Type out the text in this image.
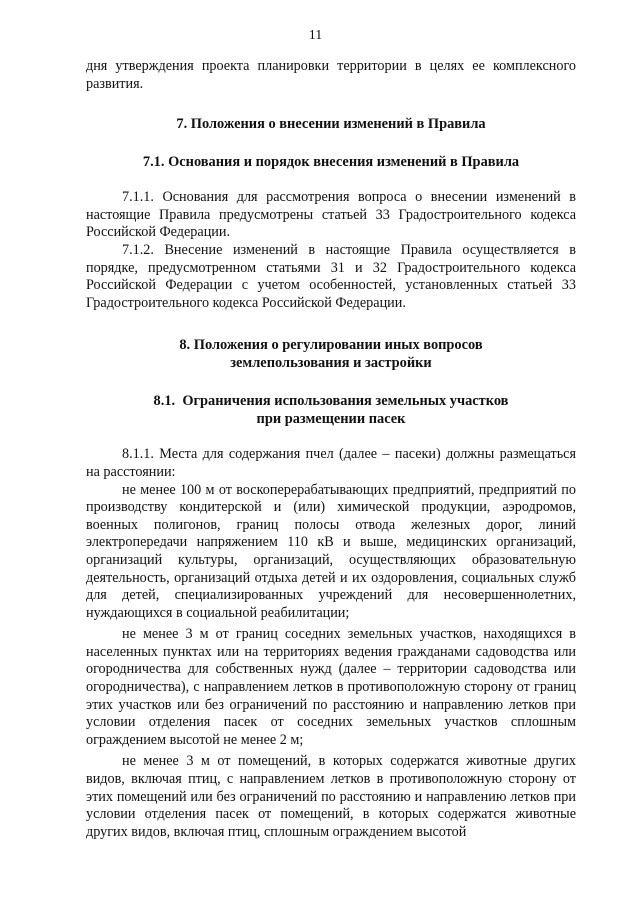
11

дня утверждения проекта планировки территории в целях ее комплексного развития.

7. Положения о внесении изменений в Правила
7.1. Основания и порядок внесения изменений в Правила

7.1.1. Основания для рассмотрения вопроса о внесении изменений в настоящие Правила предусмотрены статьей 33 Градостроительного кодекса Российской Федерации.

7.1.2. Внесение изменений в настоящие Правила осуществляется в порядке, предусмотренном статьями 31 и 32 Градостроительного кодекса Российской Федерации с учетом особенностей, установленных статьей 33 Градостроительного кодекса Российской Федерации.

8. Положения о регулировании иных вопросов
землепользования и застройки
8.1.  Ограничения использования земельных участков
при размещении пасек

8.1.1. Места для содержания пчел (далее – пасеки) должны размещаться на расстоянии:

не менее 100 м от воскоперерабатывающих предприятий, предприятий по производству кондитерской и (или) химической продукции, аэродромов, военных полигонов, границ полосы отвода железных дорог, линий электропередачи напряжением 110 кВ и выше, медицинских организаций, организаций культуры, организаций, осуществляющих образовательную деятельность, организаций отдыха детей и их оздоровления, социальных служб для детей, специализированных учреждений для несовершеннолетних, нуждающихся в социальной реабилитации;

не менее 3 м от границ соседних земельных участков, находящихся в населенных пунктах или на территориях ведения гражданами садоводства или огородничества для собственных нужд (далее – территории садоводства или огородничества), с направлением летков в противоположную сторону от границ этих участков или без ограничений по расстоянию и направлению летков при условии отделения пасек от соседних земельных участков сплошным ограждением высотой не менее 2 м;

не менее 3 м от помещений, в которых содержатся животные других видов, включая птиц, с направлением летков в противоположную сторону от этих помещений или без ограничений по расстоянию и направлению летков при условии отделения пасек от помещений, в которых содержатся животные других видов, включая птиц, сплошным ограждением высотой
